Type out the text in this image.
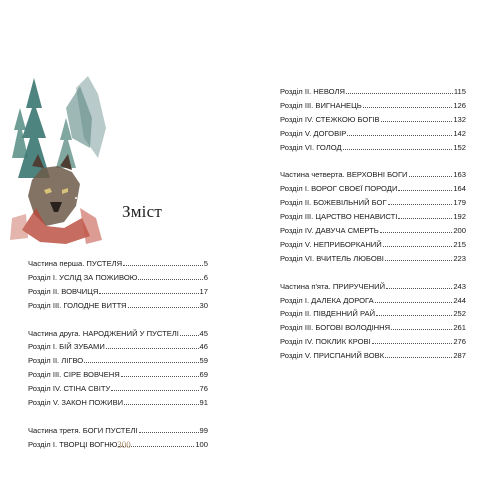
Зміст
Частина перша. ПУСТЕЛЯ	5
Розділ І. УСЛІД ЗА ПОЖИВОЮ	6
Розділ ІІ. ВОВЧИЦЯ	17
Розділ ІІІ. ГОЛОДНЕ ВИТТЯ	30
Частина друга. НАРОДЖЕНИЙ У ПУСТЕЛІ	45
Розділ І. БІЙ ЗУБАМИ	46
Розділ ІІ. ЛІГВО	59
Розділ ІІІ. СІРЕ ВОВЧЕНЯ	69
Розділ IV. СТІНА СВІТУ	76
Розділ V. ЗАКОН ПОЖИВИ	91
Частина третя. БОГИ ПУСТЕЛІ	99
Розділ І. ТВОРЦІ ВОГНЮ	100
300
Розділ ІІ. НЕВОЛЯ	115
Розділ ІІІ. ВИГНАНЕЦЬ	126
Розділ IV. СТЕЖКОЮ БОГІВ	132
Розділ V. ДОГОВІР	142
Розділ VI. ГОЛОД	152
Частина четверта. ВЕРХОВНІ БОГИ	163
Розділ І. ВОРОГ СВОЄЇ ПОРОДИ	164
Розділ ІІ. БОЖЕВІЛЬНИЙ БОГ	179
Розділ ІІІ. ЦАРСТВО НЕНАВИСТІ	192
Розділ IV. ДАВУЧА СМЕРТЬ	200
Розділ V. НЕПРИБОРКАНИЙ	215
Розділ VI. ВЧИТЕЛЬ ЛЮБОВІ	223
Частина п'ята. ПРИРУЧЕНИЙ	243
Розділ І. ДАЛЕКА ДОРОГА	244
Розділ ІІ. ПІВДЕННИЙ РАЙ	252
Розділ ІІІ. БОГОВІ ВОЛОДІННЯ	261
Розділ IV. ПОКЛИК КРОВІ	276
Розділ V. ПРИСПАНИЙ ВОВК	287
